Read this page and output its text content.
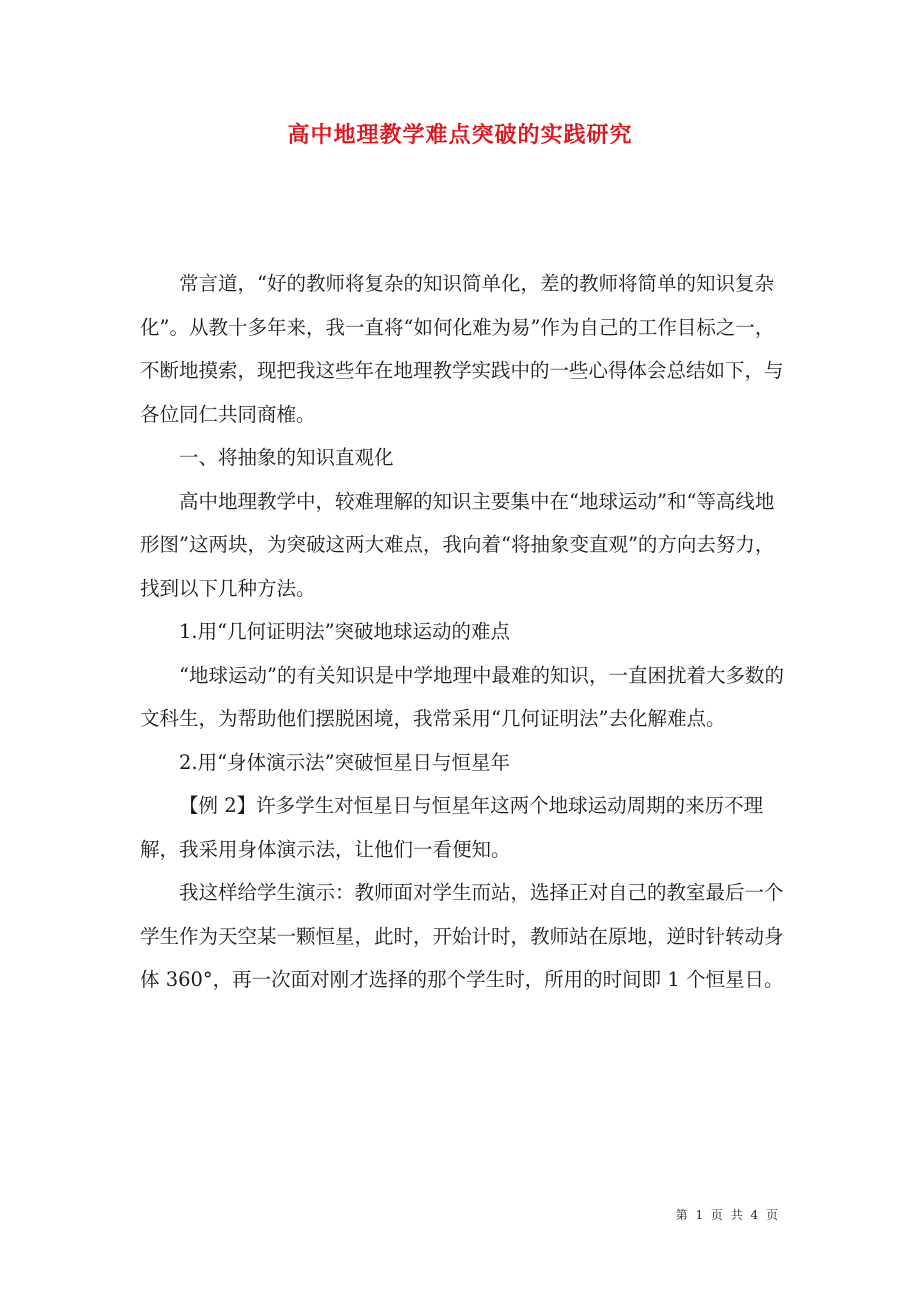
高中地理教学难点突破的实践研究

常言道，“好的教师将复杂的知识简单化，差的教师将简单的知识复杂化”。从教十多年来，我一直将“如何化难为易”作为自己的工作目标之一，不断地摸索，现把我这些年在地理教学实践中的一些心得体会总结如下，与各位同仁共同商榷。

一、将抽象的知识直观化

高中地理教学中，较难理解的知识主要集中在“地球运动”和“等高线地形图”这两块，为突破这两大难点，我向着“将抽象变直观”的方向去努力，找到以下几种方法。

1.用“几何证明法”突破地球运动的难点

“地球运动”的有关知识是中学地理中最难的知识，一直困扰着大多数的文科生，为帮助他们摆脱困境，我常采用“几何证明法”去化解难点。

2.用“身体演示法”突破恒星日与恒星年

【例 2】许多学生对恒星日与恒星年这两个地球运动周期的来历不理解，我采用身体演示法，让他们一看便知。

我这样给学生演示：教师面对学生而站，选择正对自己的教室最后一个学生作为天空某一颗恒星，此时，开始计时，教师站在原地，逆时针转动身体 360°，再一次面对刚才选择的那个学生时，所用的时间即 1 个恒星日。

第 1 页 共 4 页
